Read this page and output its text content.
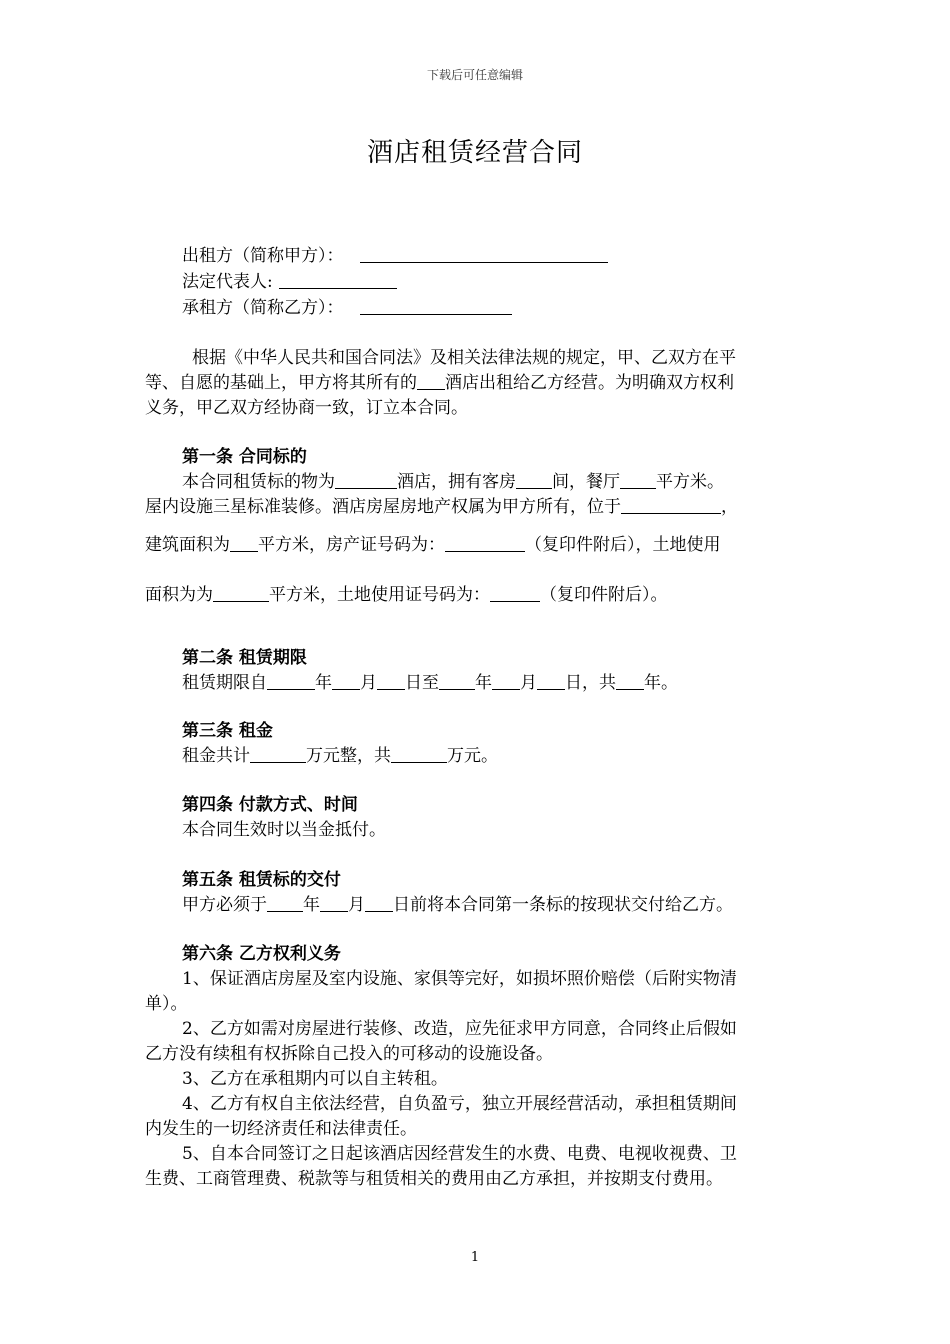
下载后可任意编辑
酒店租赁经营合同
出租方（简称甲方）：
法定代表人:
承租方（简称乙方）：
根据《中华人民共和国合同法》及相关法律法规的规定，甲、乙双方在平
等、自愿的基础上，甲方将其所有的 酒店出租给乙方经营。为明确双方权利
义务，甲乙双方经协商一致，订立本合同。
第一条 合同标的
本合同租赁标的物为	酒店，拥有客房 间，餐厅 平方米。
屋内设施三星标准装修。酒店房屋房地产权属为甲方所有，位于	，
建筑面积为 平方米，房产证号码为：	（复印件附后），土地使用
面积为为	平方米，土地使用证号码为：	（复印件附后）。
第二条 租赁期限
租赁期限自	年 月 日至 年 月 日，共 年。
第三条 租金
租金共计	万元整，共	万元。
第四条 付款方式、时间
本合同生效时以当金抵付。
第五条 租赁标的交付
甲方必须于 年 月 日前将本合同第一条标的按现状交付给乙方。
第六条 乙方权利义务
1、保证酒店房屋及室内设施、家俱等完好，如损坏照价赔偿（后附实物清
单）。
2、乙方如需对房屋进行装修、改造，应先征求甲方同意，合同终止后假如
乙方没有续租有权拆除自己投入的可移动的设施设备。
3、乙方在承租期内可以自主转租。
4、乙方有权自主依法经营，自负盈亏，独立开展经营活动，承担租赁期间
内发生的一切经济责任和法律责任。
5、自本合同签订之日起该酒店因经营发生的水费、电费、电视收视费、卫
生费、工商管理费、税款等与租赁相关的费用由乙方承担，并按期支付费用。
1
